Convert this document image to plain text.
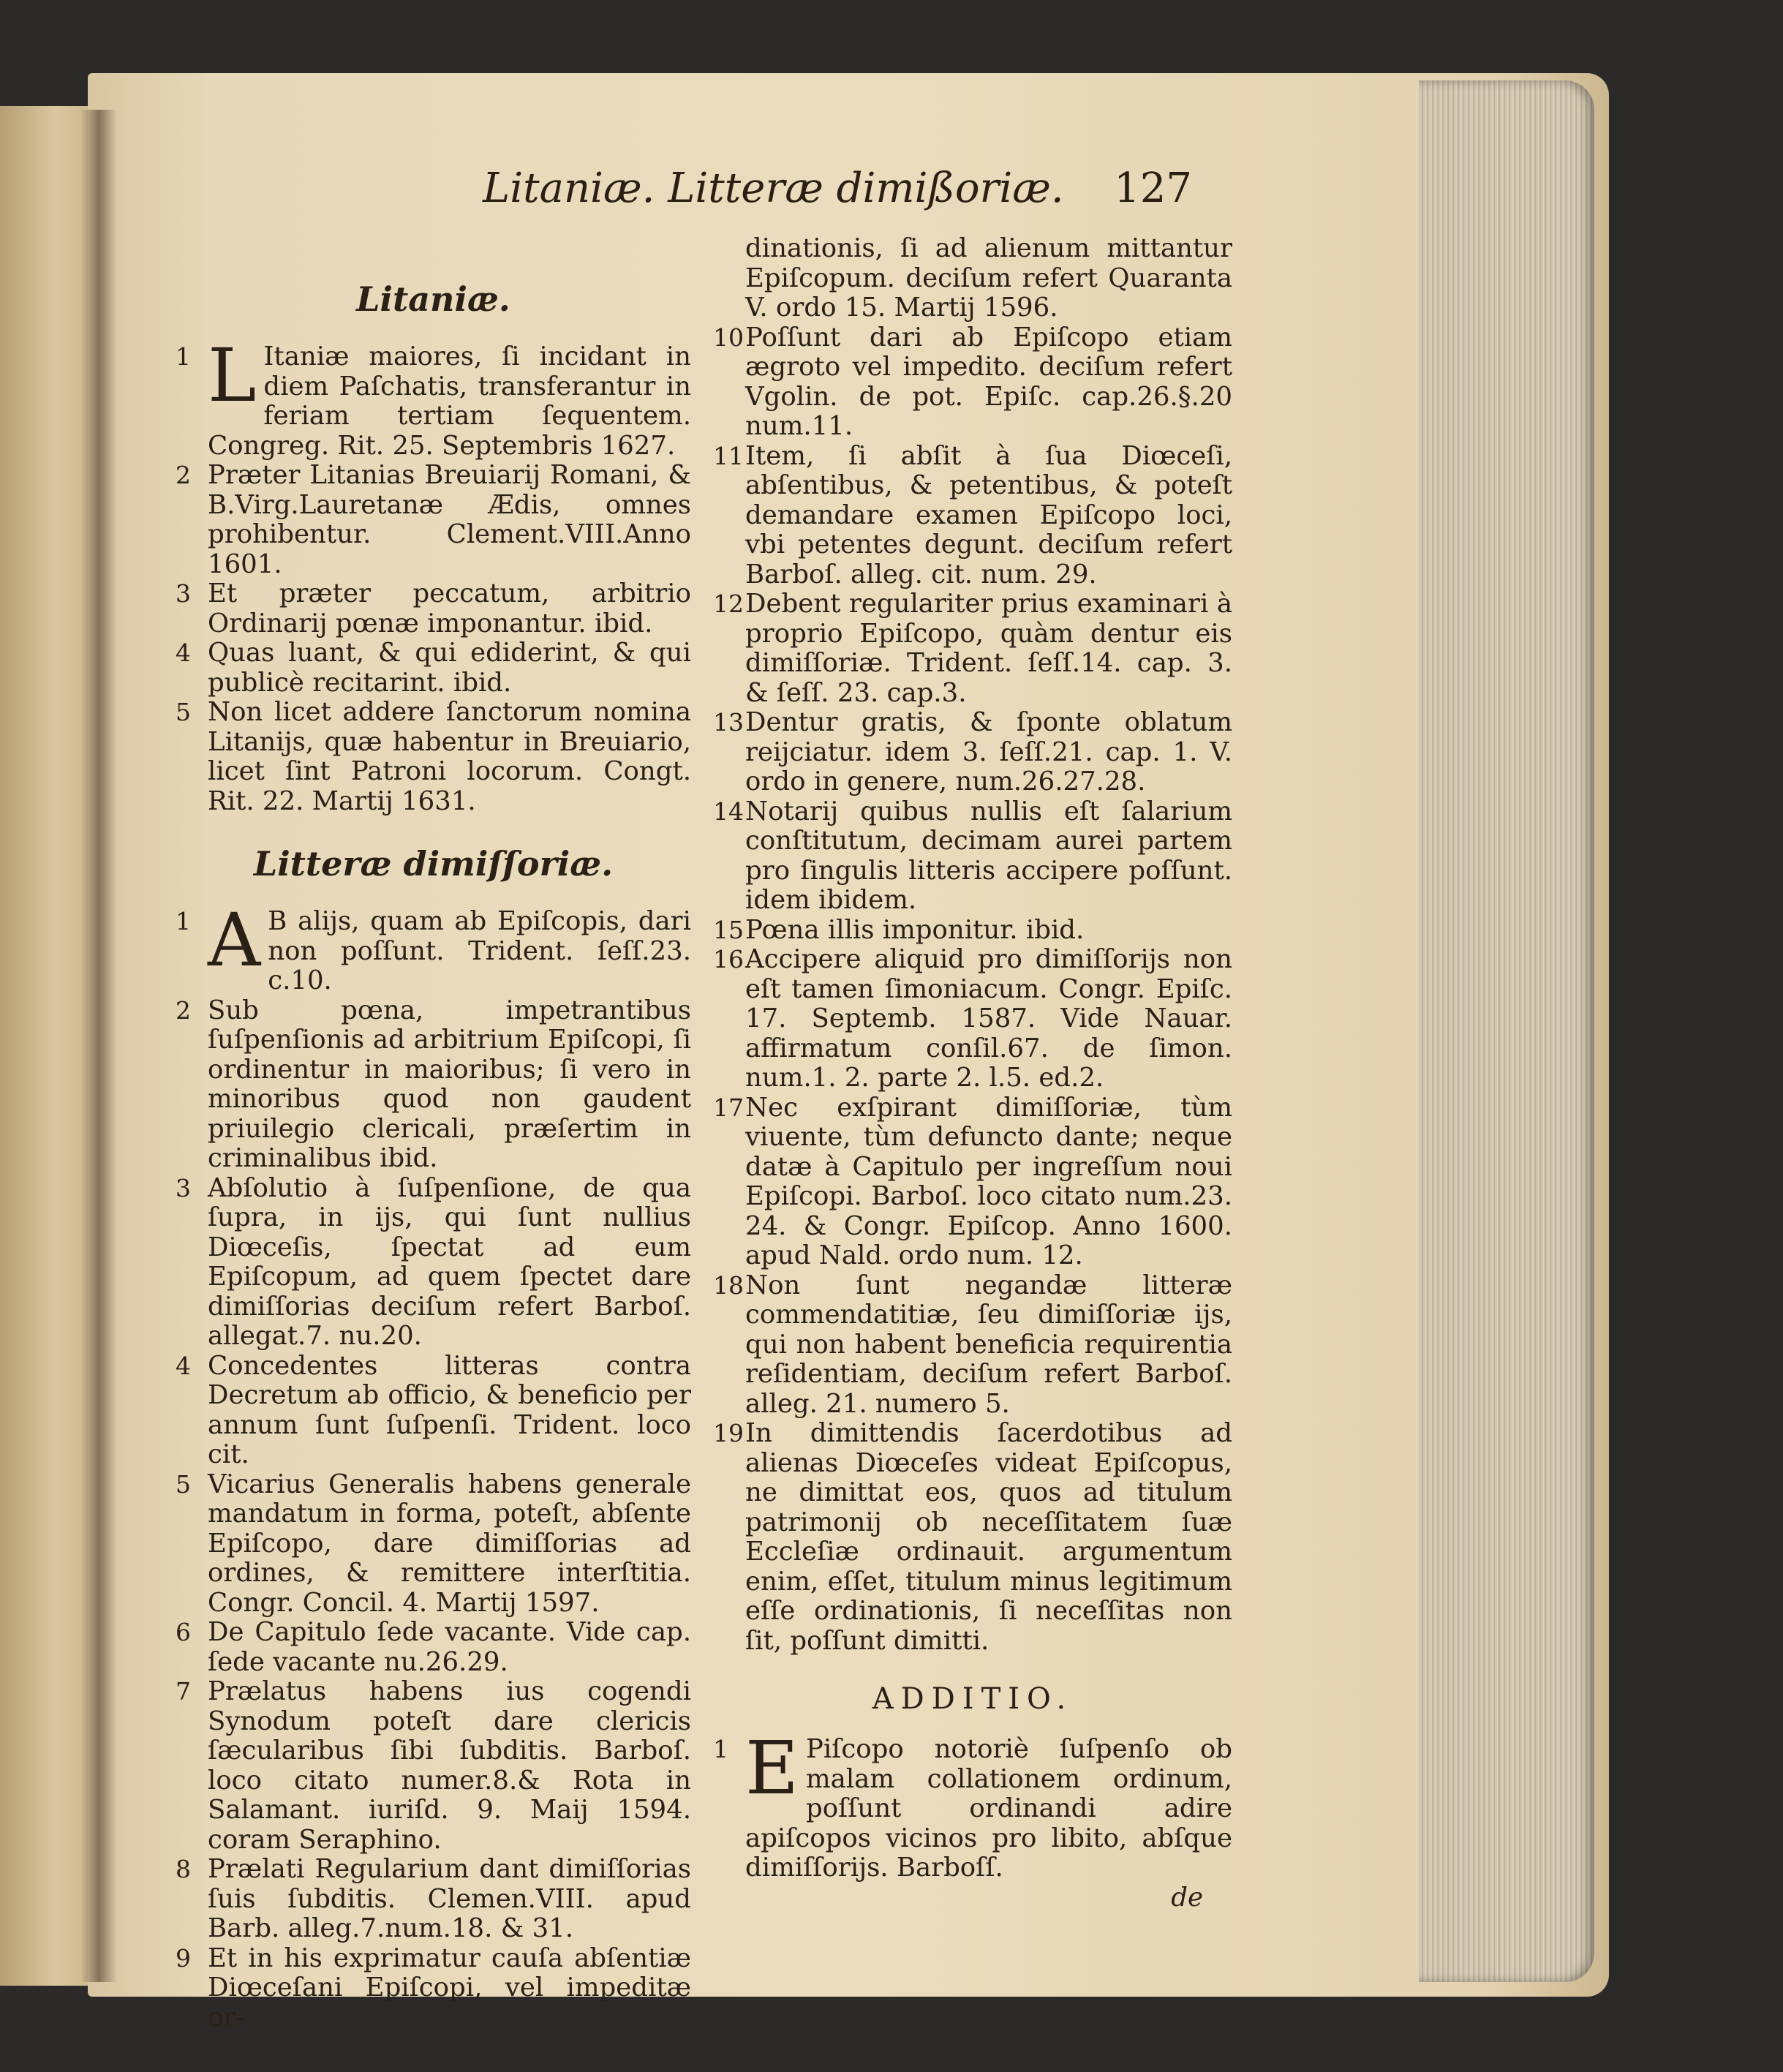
Litaniæ. Litteræ dimißoriæ. 127
Litaniæ.
1 L Itaniæ maiores, ſi incidant in diem Paſchatis, transferantur in feriam tertiam ſequentem. Congreg. Rit. 25. Septembris 1627.
2 Præter Litanias Breuiarij Romani, & B.Virg.Lauretanæ Ædis, omnes prohibentur. Clement.VIII.Anno 1601.
3 Et præter peccatum, arbitrio Ordinarij pœnæ imponantur. ibid.
4 Quas luant, & qui ediderint, & qui publicè recitarint. ibid.
5 Non licet addere ſanctorum nomina Litanijs, quæ habentur in Breuiario, licet ſint Patroni locorum. Congt. Rit. 22. Martij 1631.
Litteræ dimiſſoriæ.
1 A B alijs, quam ab Epiſcopis, dari non poſſunt. Trident. ſeſſ.23. c.10.
2 Sub pœna, impetrantibus ſuſpenſionis ad arbitrium Epiſcopi, ſi ordinentur in maioribus; ſi vero in minoribus quod non gaudent priuilegio clericali, præſertim in criminalibus ibid.
3 Abſolutio à ſuſpenſione, de qua ſupra, in ijs, qui ſunt nullius Diœceſis, ſpectat ad eum Epiſcopum, ad quem ſpectet dare dimiſſorias deciſum refert Barboſ. allegat.7. nu.20.
4 Concedentes litteras contra Decretum ab officio, & beneficio per annum ſunt ſuſpenſi. Trident. loco cit.
5 Vicarius Generalis habens generale mandatum in forma, poteſt, abſente Epiſcopo, dare dimiſſorias ad ordines, & remittere interſtitia. Congr. Concil. 4. Martij 1597.
6 De Capitulo ſede vacante. Vide cap. ſede vacante nu.26.29.
7 Prælatus habens ius cogendi Synodum poteſt dare clericis ſæcularibus ſibi ſubditis. Barboſ. loco citato numer.8.& Rota in Salamant. iuriſd. 9. Maij 1594. coram Seraphino.
8 Prælati Regularium dant dimiſſorias ſuis ſubditis. Clemen.VIII. apud Barb. alleg.7.num.18. & 31.
9 Et in his exprimatur cauſa abſentiæ Diœceſani Epiſcopi, vel impeditæ or-
dinationis, ſi ad alienum mittantur Epiſcopum. deciſum refert Quaranta V. ordo 15. Martij 1596.
10 Poſſunt dari ab Epiſcopo etiam ægroto vel impedito. deciſum refert Vgolin. de pot. Epiſc. cap.26.§.20 num.11.
11 Item, ſi abſit à ſua Diœceſi, abſentibus, & petentibus, & poteſt demandare examen Epiſcopo loci, vbi petentes degunt. deciſum refert Barboſ. alleg. cit. num. 29.
12 Debent regulariter prius examinari à proprio Epiſcopo, quàm dentur eis dimiſſoriæ. Trident. ſeſſ.14. cap. 3. & ſeſſ. 23. cap.3.
13 Dentur gratis, & ſponte oblatum reijciatur. idem 3. ſeſſ.21. cap. 1. V. ordo in genere, num.26.27.28.
14 Notarij quibus nullis eſt ſalarium conſtitutum, decimam aurei partem pro ſingulis litteris accipere poſſunt. idem ibidem.
15 Pœna illis imponitur. ibid.
16 Accipere aliquid pro dimiſſorijs non eſt tamen ſimoniacum. Congr. Epiſc. 17. Septemb. 1587. Vide Nauar. affirmatum conſil.67. de ſimon. num.1. 2. parte 2. l.5. ed.2.
17 Nec exſpirant dimiſſoriæ, tùm viuente, tùm defuncto dante; neque datæ à Capitulo per ingreſſum noui Epiſcopi. Barboſ. loco citato num.23. 24. & Congr. Epiſcop. Anno 1600. apud Nald. ordo num. 12.
18 Non ſunt negandæ litteræ commendatitiæ, ſeu dimiſſoriæ ijs, qui non habent beneficia requirentia reſidentiam, deciſum refert Barboſ. alleg. 21. numero 5.
19 In dimittendis ſacerdotibus ad alienas Diœceſes videat Epiſcopus, ne dimittat eos, quos ad titulum patrimonij ob neceſſitatem ſuæ Eccleſiæ ordinauit. argumentum enim, eſſet, titulum minus legitimum eſſe ordinationis, ſi neceſſitas non ſit, poſſunt dimitti.
ADDITIO.
1 E Piſcopo notoriè ſuſpenſo ob malam collationem ordinum, poſſunt ordinandi adire apiſcopos vicinos pro libito, abſque dimiſſorijs. Barboſſ.
de
